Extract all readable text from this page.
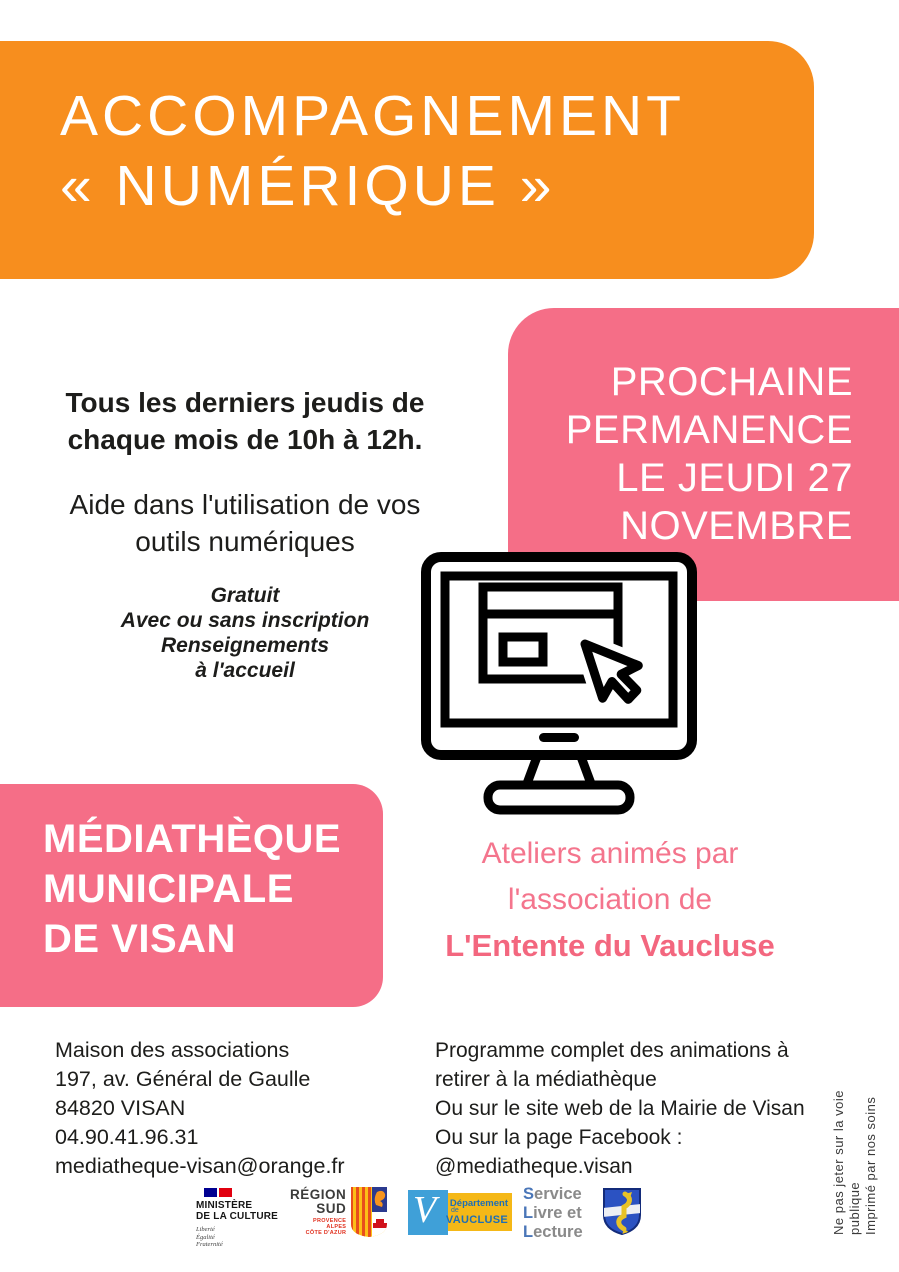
ACCOMPAGNEMENT
« NUMÉRIQUE »
PROCHAINE
PERMANENCE
LE JEUDI 27
NOVEMBRE
Tous les derniers jeudis de
chaque mois de 10h à 12h.
Aide dans l'utilisation de vos
outils numériques
Gratuit
Avec ou sans inscription
Renseignements
à l'accueil
MÉDIATHÈQUE
MUNICIPALE
DE VISAN
Ateliers animés par
l'association de
L'Entente du Vaucluse
Maison des associations
197, av. Général de Gaulle
84820 VISAN
04.90.41.96.31
mediatheque-visan@orange.fr
Programme complet des animations à
retirer à la médiathèque
Ou sur le site web de la Mairie de Visan
Ou sur la page Facebook :
@mediatheque.visan	Ne pas jeter sur la voie publique Imprimé par nos soins
MINISTÈRE
DE LA CULTURE
Liberté
Égalité
Fraternité
RÉGION
SUD
PROVENCE
ALPES
CÔTE D'AZUR
V Département
de
VAUCLUSE
Service
Livre et
Lecture
